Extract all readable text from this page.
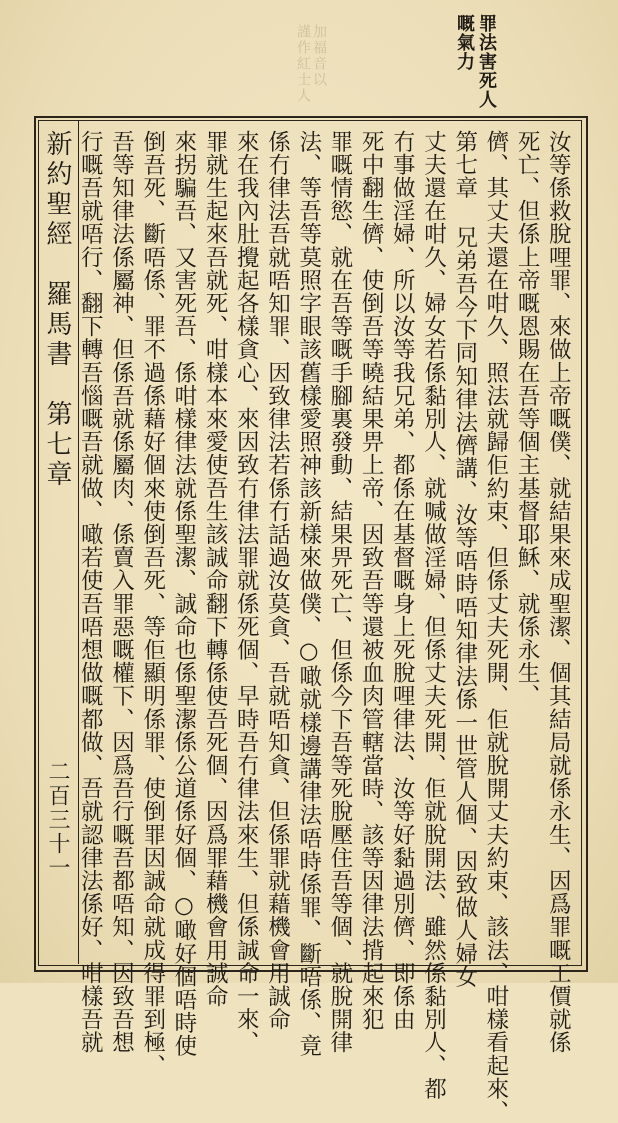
罪法害死人
嘅氣力
加福音以
謹作紅士人
新約聖經羅馬書第七章
二百三十一	汝等係救脫哩罪、來做上帝嘅僕、就結果來成聖潔、個其結局就係永生、因爲罪嘅工價就係
死亡、但係上帝嘅恩賜在吾等個主基督耶穌、就係永生、
儕、其丈夫還在咁久、照法就歸佢約束、但係丈夫死開、佢就脫開丈夫約束、該法、咁樣看起來、
第七章 兄弟吾今下同知律法儕講、汝等唔時唔知律法係一世管人個、因致做人婦女
丈夫還在咁久、婦女若係黏別人、就喊做淫婦、但係丈夫死開、佢就脫開法、雖然係黏別人、都
冇事做淫婦、所以汝等我兄弟、都係在基督嘅身上死脫哩律法、汝等好黏過別儕、即係由
死中翻生儕、使倒吾等曉結果畀上帝、因致吾等還被血肉管轄當時、該等因律法揹起來犯
罪嘅情慾、就在吾等嘅手腳裏發動、結果畀死亡、但係今下吾等死脫壓住吾等個、就脫開律
法、等吾等莫照字眼該舊樣愛照神該新樣來做僕、○噉就樣邊講律法唔時係罪、斷唔係、竟
係冇律法吾就唔知罪、因致律法若係冇話過汝莫貪、吾就唔知貪、但係罪就藉機會用誠命
來在我內肚攪起各樣貪心、來因致冇律法罪就係死個、早時吾冇律法來生、但係誠命一來、
罪就生起來吾就死、咁樣本來愛使吾生該誠命翻下轉係使吾死個、因爲罪藉機會用誠命
來拐騙吾、又害死吾、係咁樣律法就係聖潔、誠命也係聖潔係公道係好個、○噉好個唔時使
倒吾死、斷唔係、罪不過係藉好個來使倒吾死、等佢顯明係罪、使倒罪因誠命就成得罪到極、
吾等知律法係屬神、但係吾就係屬肉、係賣入罪惡嘅權下、因爲吾行嘅吾都唔知、因致吾想
行嘅吾就唔行、翻下轉吾惱嘅吾就做、噉若使吾唔想做嘅都做、吾就認律法係好、咁樣吾就
